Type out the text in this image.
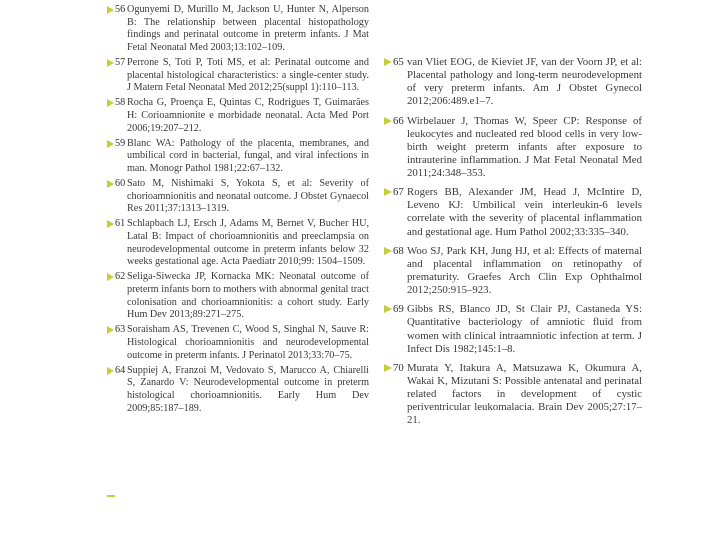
56 Ogunyemi D, Murillo M, Jackson U, Hunter N, Alperson B: The relationship between placental histopathology findings and perinatal outcome in preterm infants. J Mat Fetal Neonatal Med 2003;13:102–109.
57 Perrone S, Toti P, Toti MS, et al: Perinatal outcome and placental histological characteristics: a single-center study. J Matern Fetal Neonatal Med 2012;25(suppl 1):110–113.
58 Rocha G, Proença E, Quintas C, Rodrigues T, Guimarães H: Corioamnionite e morbidade neonatal. Acta Med Port 2006;19:207–212.
59 Blanc WA: Pathology of the placenta, membranes, and umbilical cord in bacterial, fungal, and viral infections in man. Monogr Pathol 1981;22:67–132.
60 Sato M, Nishimaki S, Yokota S, et al: Severity of chorioamnionitis and neonatal outcome. J Obstet Gynaecol Res 2011;37:1313–1319.
61 Schlapbach LJ, Ersch J, Adams M, Bernet V, Bucher HU, Latal B: Impact of chorioamnionitis and preeclampsia on neurodevelopmental outcome in preterm infants below 32 weeks gestational age. Acta Paediatr 2010;99: 1504–1509.
62 Seliga-Siwecka JP, Kornacka MK: Neonatal outcome of preterm infants born to mothers with abnormal genital tract colonisation and chorioamnionitis: a cohort study. Early Hum Dev 2013;89:271–275.
63 Soraisham AS, Trevenen C, Wood S, Singhal N, Sauve R: Histological chorioamnionitis and neurodevelopmental outcome in preterm infants. J Perinatol 2013;33:70–75.
64 Suppiej A, Franzoi M, Vedovato S, Marucco A, Chiarelli S, Zanardo V: Neurodevelopmental outcome in preterm histological chorioamnionitis. Early Hum Dev 2009;85:187–189.
65 van Vliet EOG, de Kieviet JF, van der Voorn JP, et al: Placental pathology and long-term neurodevelopment of very preterm infants. Am J Obstet Gynecol 2012;206:489.e1–7.
66 Wirbelauer J, Thomas W, Speer CP: Response of leukocytes and nucleated red blood cells in very low-birth weight preterm infants after exposure to intrauterine inflammation. J Mat Fetal Neonatal Med 2011;24:348–353.
67 Rogers BB, Alexander JM, Head J, McIntire D, Leveno KJ: Umbilical vein interleukin-6 levels correlate with the severity of placental inflammation and gestational age. Hum Pathol 2002;33:335–340.
68 Woo SJ, Park KH, Jung HJ, et al: Effects of maternal and placental inflammation on retinopathy of prematurity. Graefes Arch Clin Exp Ophthalmol 2012;250:915–923.
69 Gibbs RS, Blanco JD, St Clair PJ, Castaneda YS: Quantitative bacteriology of amniotic fluid from women with clinical intraamniotic infection at term. J Infect Dis 1982;145:1–8.
70 Murata Y, Itakura A, Matsuzawa K, Okumura A, Wakai K, Mizutani S: Possible antenatal and perinatal related factors in development of cystic periventricular leukomalacia. Brain Dev 2005;27:17–21.
